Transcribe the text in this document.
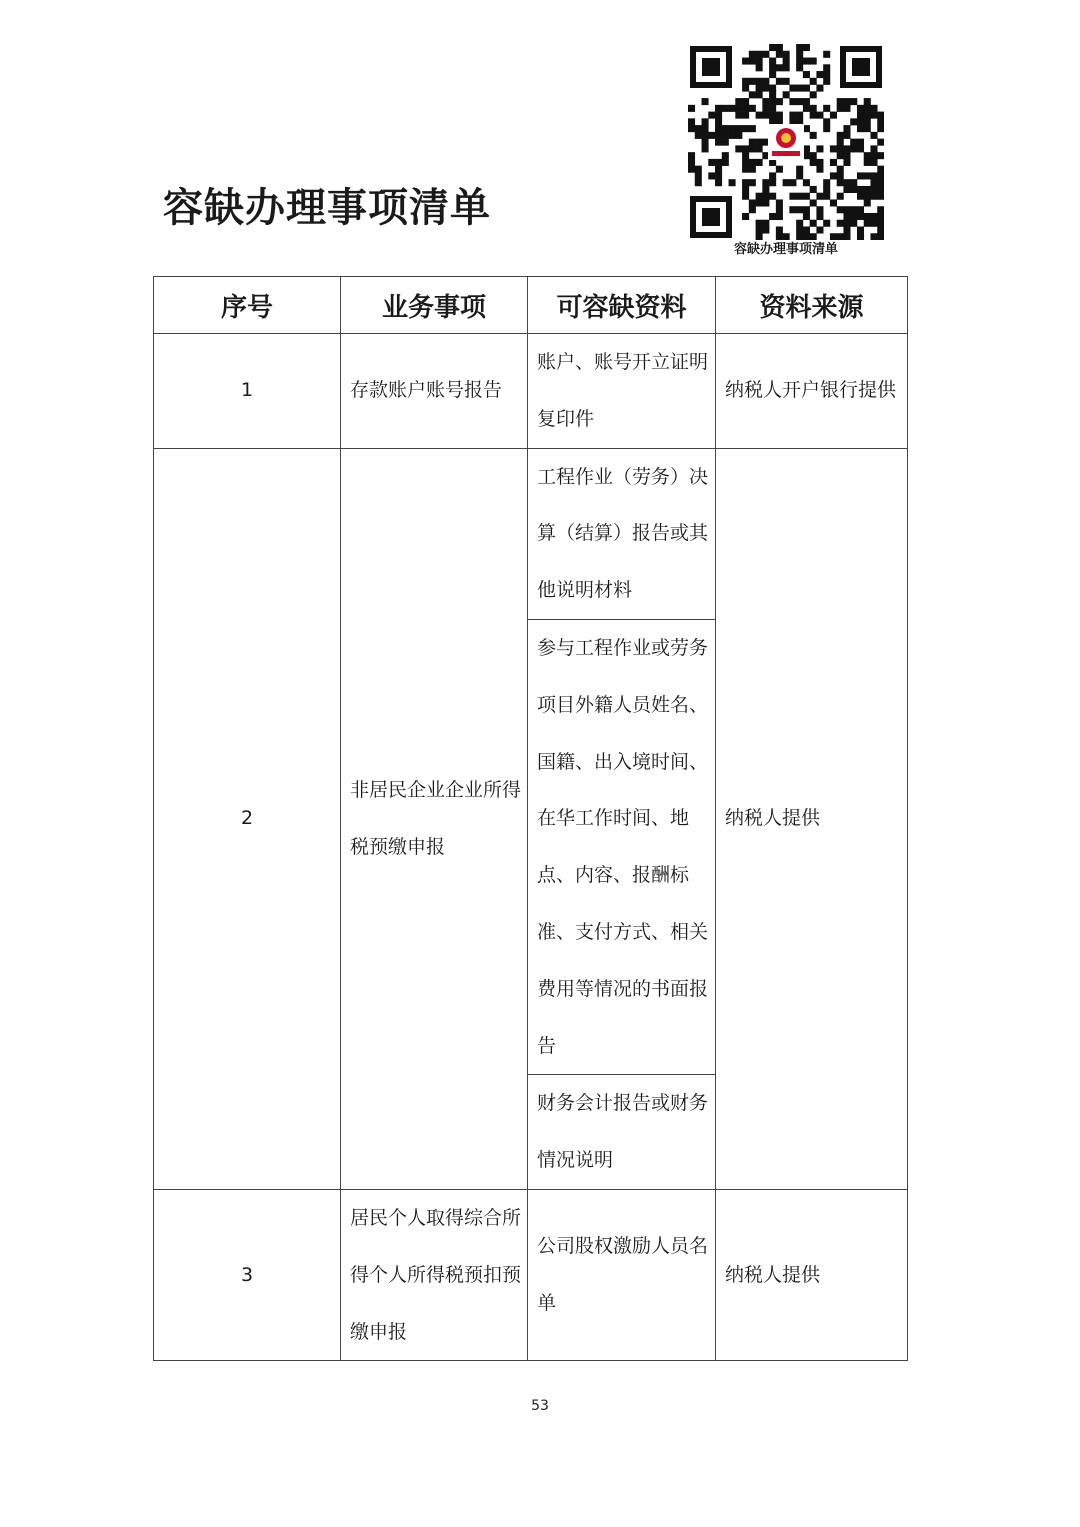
容缺办理事项清单
容缺办理事项清单
序号	业务事项	可容缺资料	资料来源
1	存款账户账号报告	账户、账号开立证明复印件	纳税人开户银行提供
2	非居民企业企业所得税预缴申报	工程作业（劳务）决算（结算）报告或其他说明材料	纳税人提供
		参与工程作业或劳务项目外籍人员姓名、国籍、出入境时间、在华工作时间、地点、内容、报酬标准、支付方式、相关费用等情况的书面报告	
		财务会计报告或财务情况说明	
3	居民个人取得综合所得个人所得税预扣预缴申报	公司股权激励人员名单	纳税人提供
53
